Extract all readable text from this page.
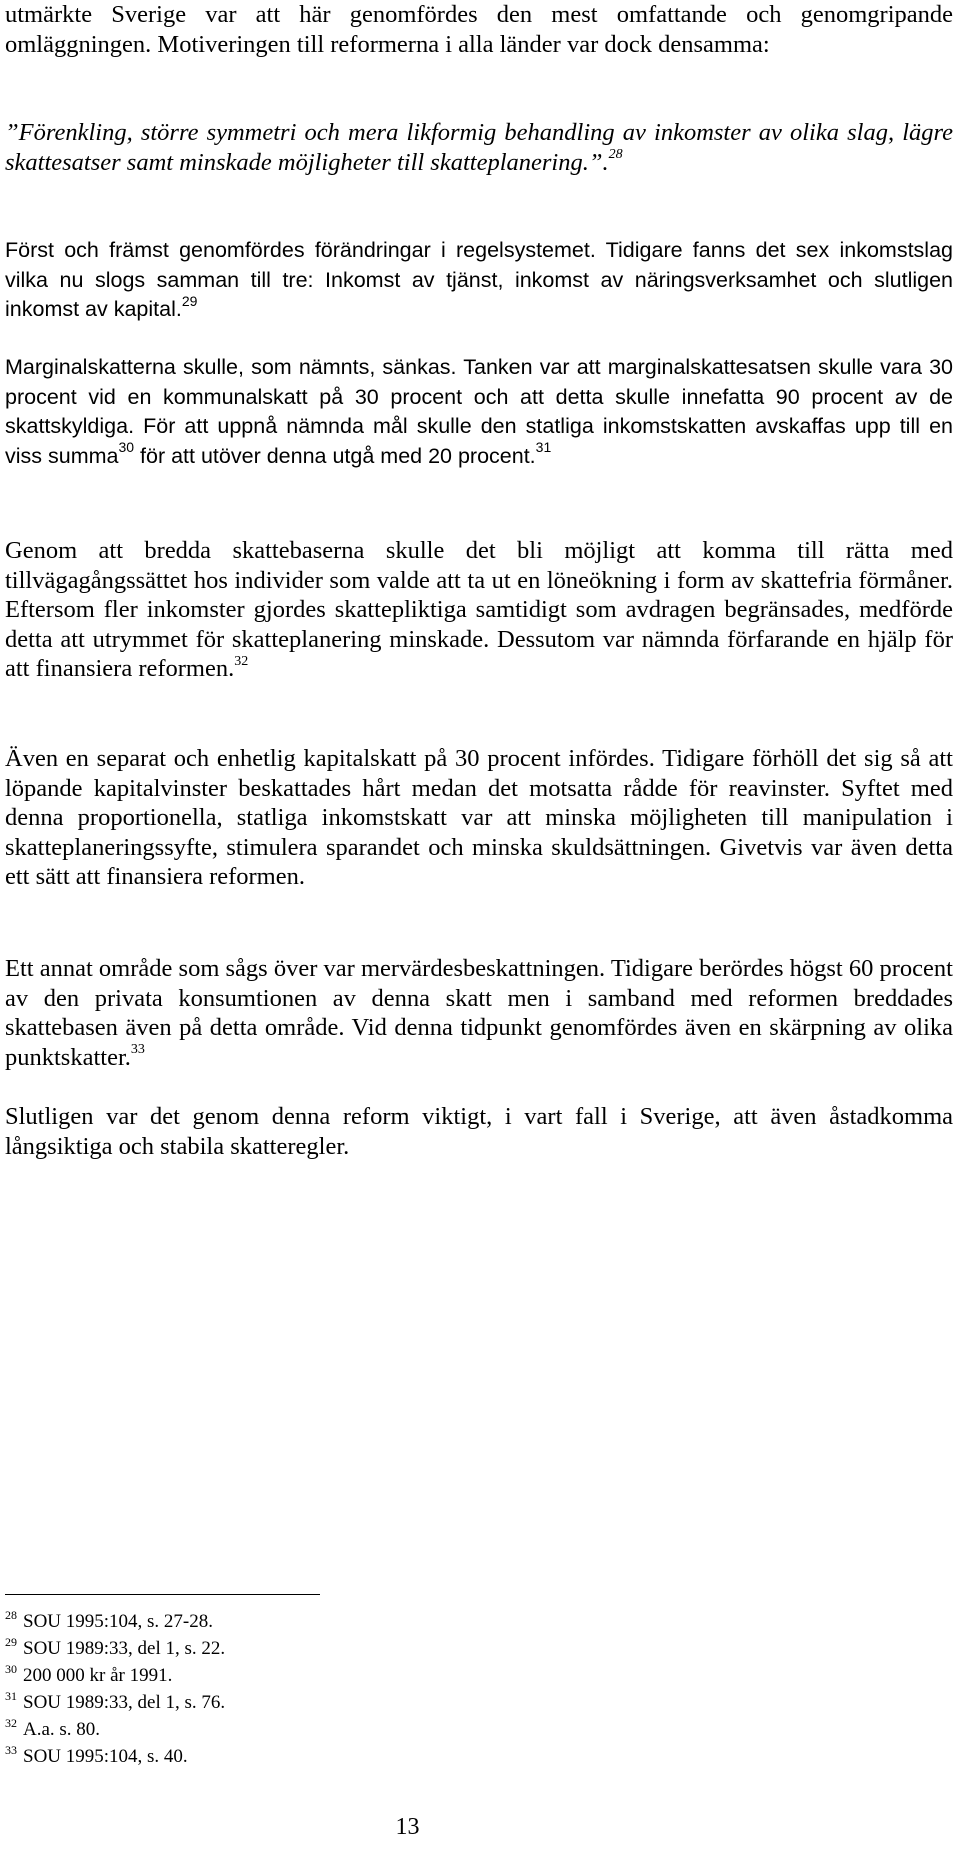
utmärkte Sverige var att här genomfördes den mest omfattande och genomgripande omläggningen. Motiveringen till reformerna i alla länder var dock densamma:

”Förenkling, större symmetri och mera likformig behandling av inkomster av olika slag, lägre skattesatser samt minskade möjligheter till skatteplanering.”.$^{28}$

Först och främst genomfördes förändringar i regelsystemet. Tidigare fanns det sex inkomstslag vilka nu slogs samman till tre: Inkomst av tjänst, inkomst av näringsverksamhet och slutligen inkomst av kapital.$^{29}$

Marginalskatterna skulle, som nämnts, sänkas. Tanken var att marginalskattesatsen skulle vara 30 procent vid en kommunalskatt på 30 procent och att detta skulle innefatta 90 procent av de skattskyldiga. För att uppnå nämnda mål skulle den statliga inkomstskatten avskaffas upp till en viss summa$^{30}$ för att utöver denna utgå med 20 procent.$^{31}$

Genom att bredda skattebaserna skulle det bli möjligt att komma till rätta med tillvägagångssättet hos individer som valde att ta ut en löneökning i form av skattefria förmåner. Eftersom fler inkomster gjordes skattepliktiga samtidigt som avdragen begränsades, medförde detta att utrymmet för skatteplanering minskade. Dessutom var nämnda förfarande en hjälp för att finansiera reformen.$^{32}$

Även en separat och enhetlig kapitalskatt på 30 procent infördes. Tidigare förhöll det sig så att löpande kapitalvinster beskattades hårt medan det motsatta rådde för reavinster. Syftet med denna proportionella, statliga inkomstskatt var att minska möjligheten till manipulation i skatteplaneringssyfte, stimulera sparandet och minska skuldsättningen. Givetvis var även detta ett sätt att finansiera reformen.

Ett annat område som sågs över var mervärdesbeskattningen. Tidigare berördes högst 60 procent av den privata konsumtionen av denna skatt men i samband med reformen breddades skattebasen även på detta område. Vid denna tidpunkt genomfördes även en skärpning av olika punktskatter.$^{33}$

Slutligen var det genom denna reform viktigt, i vart fall i Sverige, att även åstadkomma långsiktiga och stabila skatteregler.

$^{28}$ SOU 1995:104, s. 27-28.
$^{29}$ SOU 1989:33, del 1, s. 22.
$^{30}$ 200 000 kr år 1991.
$^{31}$ SOU 1989:33, del 1, s. 76.
$^{32}$ A.a. s. 80.
$^{33}$ SOU 1995:104, s. 40.
13
